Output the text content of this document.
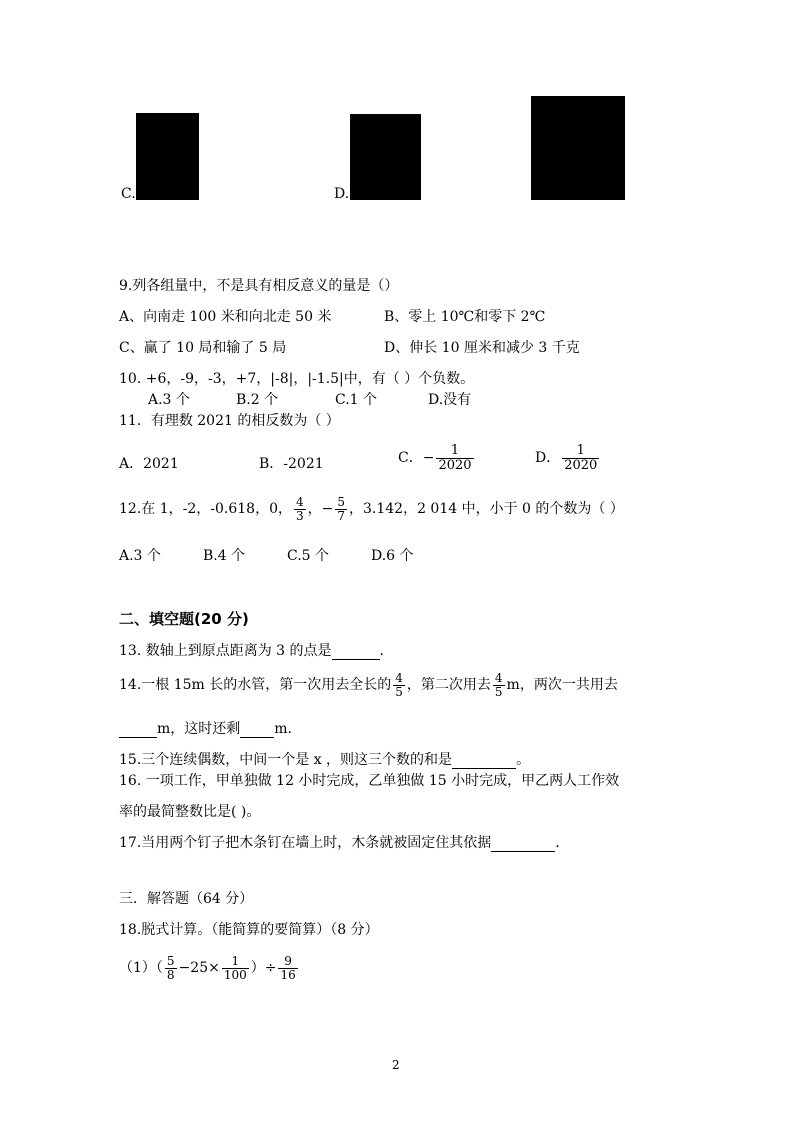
C.	D.
9.列各组量中，不是具有相反意义的量是（）
A、向南走 100 米和向北走 50 米	B、零上 10℃和零下 2℃
C、赢了 10 局和输了 5 局	D、伸长 10 厘米和减少 3 千克
10. +6，-9，-3，+7，|-8|，|-1.5|中，有（ ）个负数。
A.3 个	B.2 个	C.1 个	D.没有
11．有理数 2021 的相反数为（ ）
A．2021	B．-2021	C．− $\frac{1}{2020}$	D． $\frac{1}{2020}$
12.在 1，-2，-0.618，0， $\frac{4}{3}$ ，− $\frac{5}{7}$ ，3.142，2 014 中，小于 0 的个数为（ ）
A.3 个	B.4 个	C.5 个	D.6 个
二、填空题(20 分)
13. 数轴上到原点距离为 3 的点是	.
14.一根 15m 长的水管，第一次用去全长的 $\frac{4}{5}$ ，第二次用去 $\frac{4}{5}$ m，两次一共用去
m，这时还剩 m.
15.三个连续偶数，中间一个是 x ，则这三个数的和是	。
16. 一项工作，甲单独做 12 小时完成，乙单独做 15 小时完成，甲乙两人工作效
率的最简整数比是( )。
17.当用两个钉子把木条钉在墙上时，木条就被固定住其依据	.
三．解答题（64 分）
18.脱式计算。（能简算的要简算）（8 分）
$(1)( \frac{5}{8} -25\times \frac{1}{100}$ ）÷ $\frac{9}{16}$
2
